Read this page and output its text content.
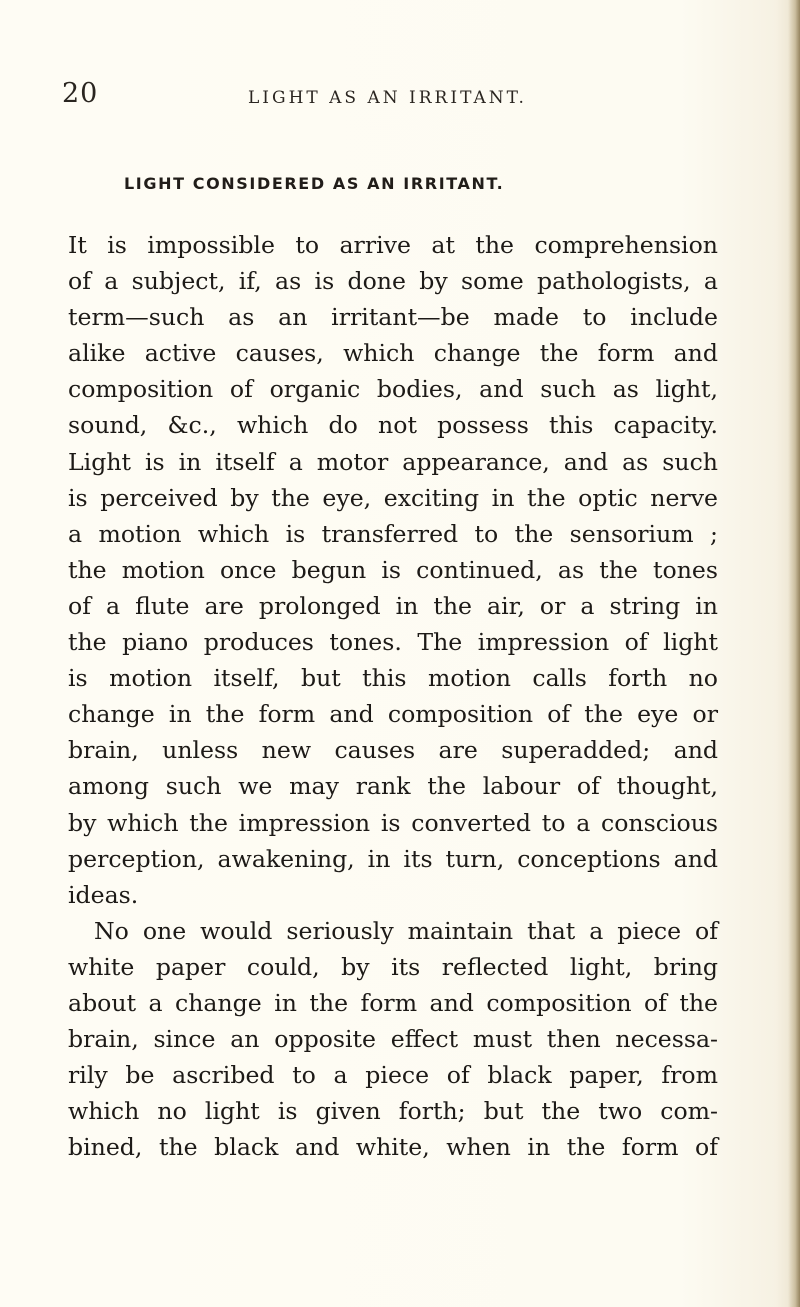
20	LIGHT AS AN IRRITANT.
LIGHT CONSIDERED AS AN IRRITANT.
It is impossible to arrive at the comprehension
of a subject, if, as is done by some pathologists, a
term—such as an irritant—be made to include
alike active causes, which change the form and
composition of organic bodies, and such as light,
sound, &c., which do not possess this capacity.
Light is in itself a motor appearance, and as such
is perceived by the eye, exciting in the optic nerve
a motion which is transferred to the sensorium ;
the motion once begun is continued, as the tones
of a flute are prolonged in the air, or a string in
the piano produces tones. The impression of light
is motion itself, but this motion calls forth no
change in the form and composition of the eye or
brain, unless new causes are superadded; and
among such we may rank the labour of thought,
by which the impression is converted to a conscious
perception, awakening, in its turn, conceptions and
ideas.
No one would seriously maintain that a piece of
white paper could, by its reflected light, bring
about a change in the form and composition of the
brain, since an opposite effect must then necessa-
rily be ascribed to a piece of black paper, from
which no light is given forth; but the two com-
bined, the black and white, when in the form of
